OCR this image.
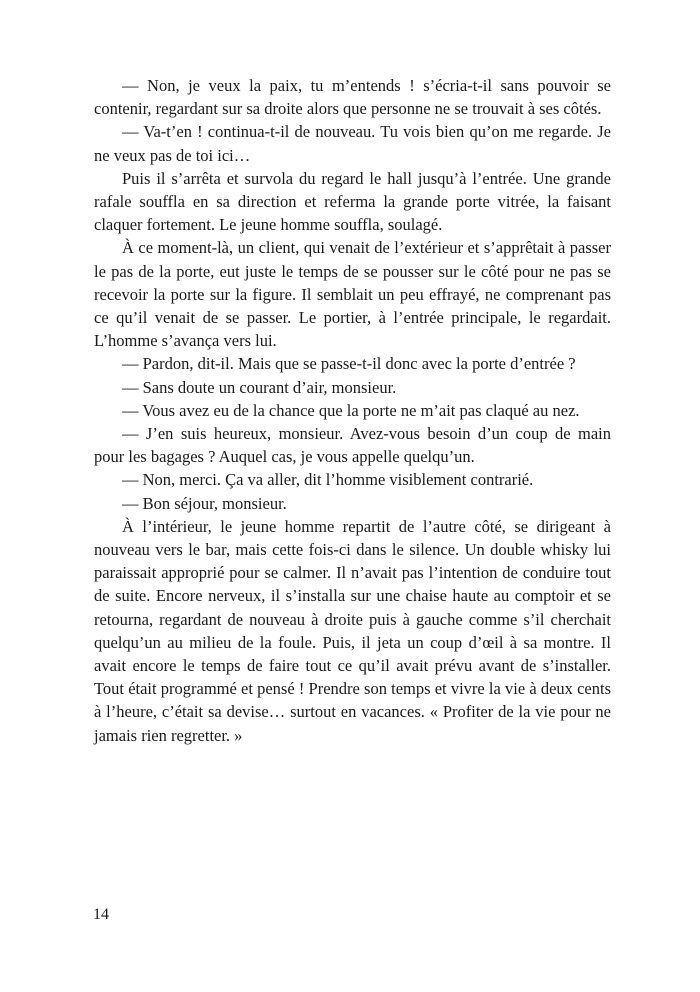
— Non, je veux la paix, tu m’entends ! s’écria-t-il sans pouvoir se contenir, regardant sur sa droite alors que personne ne se trouvait à ses côtés.

— Va-t’en ! continua-t-il de nouveau. Tu vois bien qu’on me regarde. Je ne veux pas de toi ici…

Puis il s’arrêta et survola du regard le hall jusqu’à l’entrée. Une grande rafale souffla en sa direction et referma la grande porte vitrée, la faisant claquer fortement. Le jeune homme souffla, soulagé.

À ce moment-là, un client, qui venait de l’extérieur et s’apprêtait à passer le pas de la porte, eut juste le temps de se pousser sur le côté pour ne pas se recevoir la porte sur la figure. Il semblait un peu effrayé, ne comprenant pas ce qu’il venait de se passer. Le portier, à l’entrée principale, le regardait. L’homme s’avança vers lui.

— Pardon, dit-il. Mais que se passe-t-il donc avec la porte d’entrée ?

— Sans doute un courant d’air, monsieur.

— Vous avez eu de la chance que la porte ne m’ait pas claqué au nez.

— J’en suis heureux, monsieur. Avez-vous besoin d’un coup de main pour les bagages ? Auquel cas, je vous appelle quelqu’un.

— Non, merci. Ça va aller, dit l’homme visiblement contrarié.

— Bon séjour, monsieur.

À l’intérieur, le jeune homme repartit de l’autre côté, se dirigeant à nouveau vers le bar, mais cette fois-ci dans le silence. Un double whisky lui paraissait approprié pour se calmer. Il n’avait pas l’intention de conduire tout de suite. Encore nerveux, il s’installa sur une chaise haute au comptoir et se retourna, regardant de nouveau à droite puis à gauche comme s’il cherchait quelqu’un au milieu de la foule. Puis, il jeta un coup d’œil à sa montre. Il avait encore le temps de faire tout ce qu’il avait prévu avant de s’installer. Tout était programmé et pensé ! Prendre son temps et vivre la vie à deux cents à l’heure, c’était sa devise… surtout en vacances. « Profiter de la vie pour ne jamais rien regretter. »

14
